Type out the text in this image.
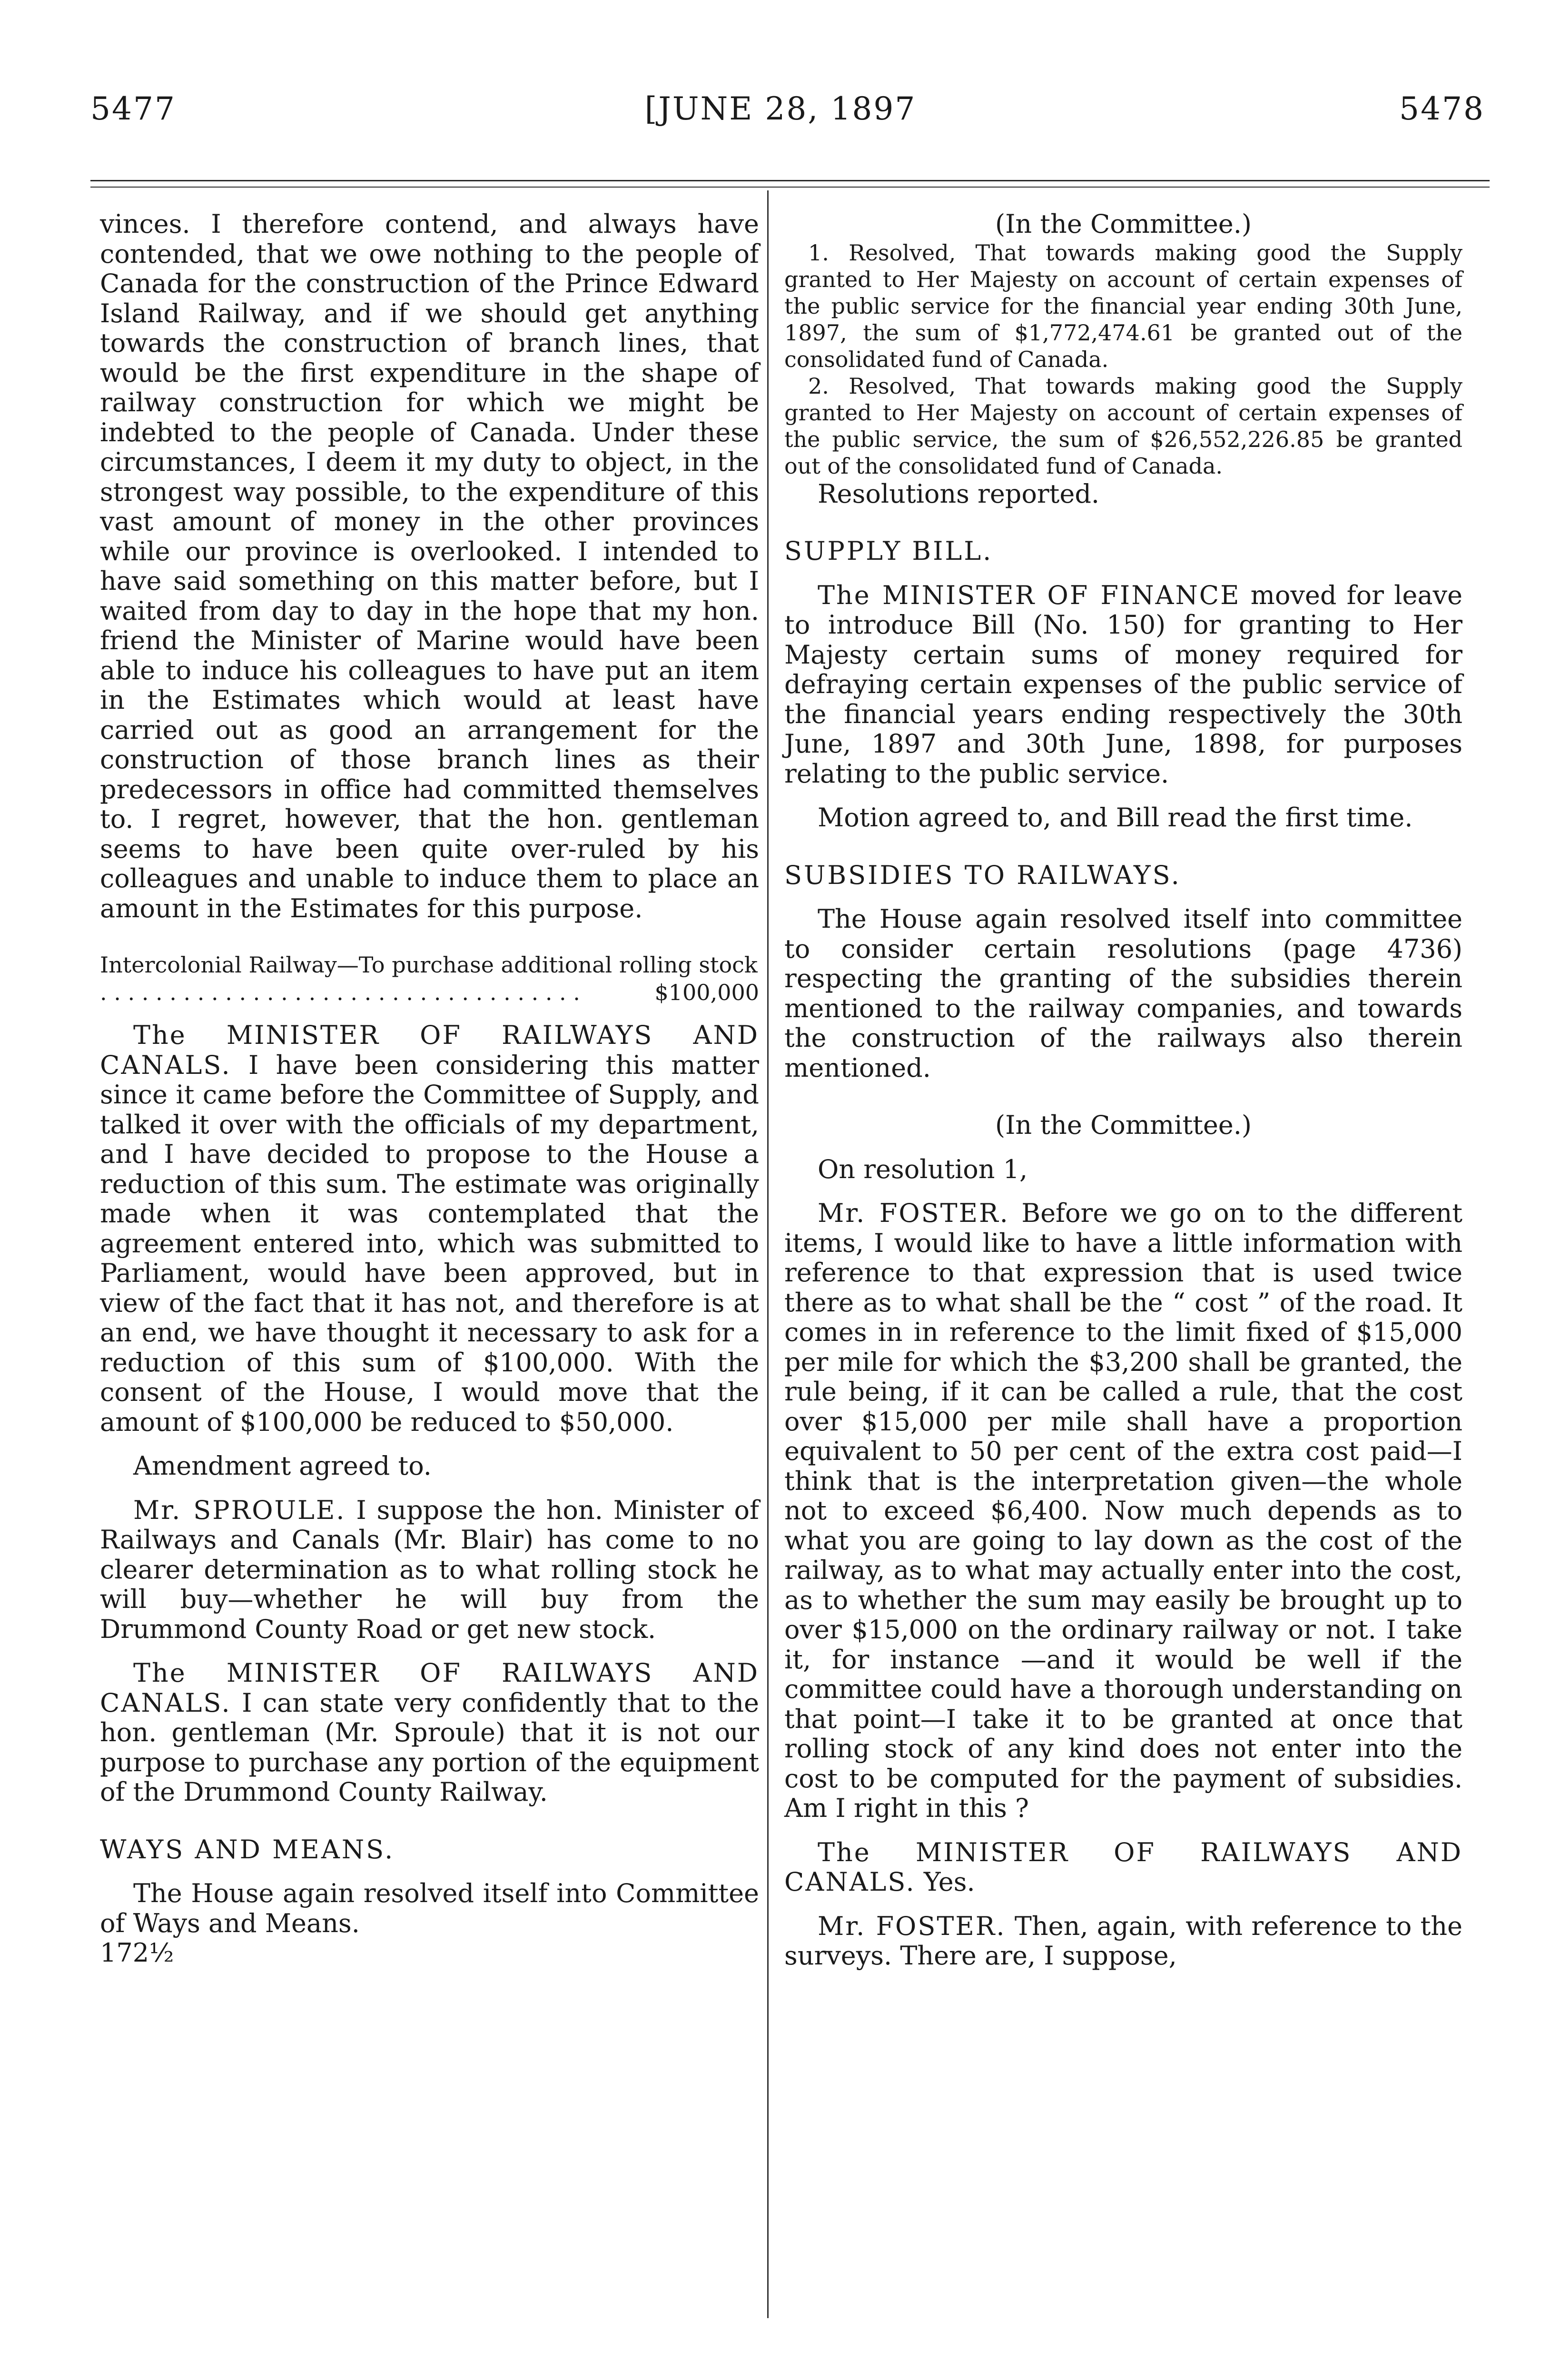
5477	[JUNE 28, 1897	5478

vinces. I therefore contend, and always have contended, that we owe nothing to the people of Canada for the construction of the Prince Edward Island Railway, and if we should get anything towards the construction of branch lines, that would be the first expenditure in the shape of railway construction for which we might be indebted to the people of Canada. Under these circumstances, I deem it my duty to object, in the strongest way possible, to the expenditure of this vast amount of money in the other provinces while our province is overlooked. I intended to have said something on this matter before, but I waited from day to day in the hope that my hon. friend the Minister of Marine would have been able to induce his colleagues to have put an item in the Estimates which would at least have carried out as good an arrangement for the construction of those branch lines as their predecessors in office had committed themselves to. I regret, however, that the hon. gentleman seems to have been quite over-ruled by his colleagues and unable to induce them to place an amount in the Estimates for this purpose.

Intercolonial Railway—To purchase additional rolling stock
. . . . . . . . . . . . . . . . . . . . . . . . . . . . . . . . . . .	$100,000

The MINISTER OF RAILWAYS AND CANALS. I have been considering this matter since it came before the Committee of Supply, and talked it over with the officials of my department, and I have decided to propose to the House a reduction of this sum. The estimate was originally made when it was contemplated that the agreement entered into, which was submitted to Parliament, would have been approved, but in view of the fact that it has not, and therefore is at an end, we have thought it necessary to ask for a reduction of this sum of $100,000. With the consent of the House, I would move that the amount of $100,000 be reduced to $50,000.

Amendment agreed to.

Mr. SPROULE. I suppose the hon. Minister of Railways and Canals (Mr. Blair) has come to no clearer determination as to what rolling stock he will buy—whether he will buy from the Drummond County Road or get new stock.

The MINISTER OF RAILWAYS AND CANALS. I can state very confidently that to the hon. gentleman (Mr. Sproule) that it is not our purpose to purchase any portion of the equipment of the Drummond County Railway.

WAYS AND MEANS.

The House again resolved itself into Committee of Ways and Means.

172½

(In the Committee.)

1. Resolved, That towards making good the Supply granted to Her Majesty on account of certain expenses of the public service for the financial year ending 30th June, 1897, the sum of $1,772,474.61 be granted out of the consolidated fund of Canada.

2. Resolved, That towards making good the Supply granted to Her Majesty on account of certain expenses of the public service, the sum of $26,552,226.85 be granted out of the consolidated fund of Canada.

Resolutions reported.

SUPPLY BILL.

The MINISTER OF FINANCE moved for leave to introduce Bill (No. 150) for granting to Her Majesty certain sums of money required for defraying certain expenses of the public service of the financial years ending respectively the 30th June, 1897 and 30th June, 1898, for purposes relating to the public service.

Motion agreed to, and Bill read the first time.

SUBSIDIES TO RAILWAYS.

The House again resolved itself into committee to consider certain resolutions (page 4736) respecting the granting of the subsidies therein mentioned to the railway companies, and towards the construction of the railways also therein mentioned.

(In the Committee.)

On resolution 1,

Mr. FOSTER. Before we go on to the different items, I would like to have a little information with reference to that expression that is used twice there as to what shall be the “ cost ” of the road. It comes in in reference to the limit fixed of $15,000 per mile for which the $3,200 shall be granted, the rule being, if it can be called a rule, that the cost over $15,000 per mile shall have a proportion equivalent to 50 per cent of the extra cost paid—I think that is the interpretation given—the whole not to exceed $6,400. Now much depends as to what you are going to lay down as the cost of the railway, as to what may actually enter into the cost, as to whether the sum may easily be brought up to over $15,000 on the ordinary railway or not. I take it, for instance —and it would be well if the committee could have a thorough understanding on that point—I take it to be granted at once that rolling stock of any kind does not enter into the cost to be computed for the payment of subsidies. Am I right in this ?

The MINISTER OF RAILWAYS AND CANALS. Yes.

Mr. FOSTER. Then, again, with reference to the surveys. There are, I suppose,
